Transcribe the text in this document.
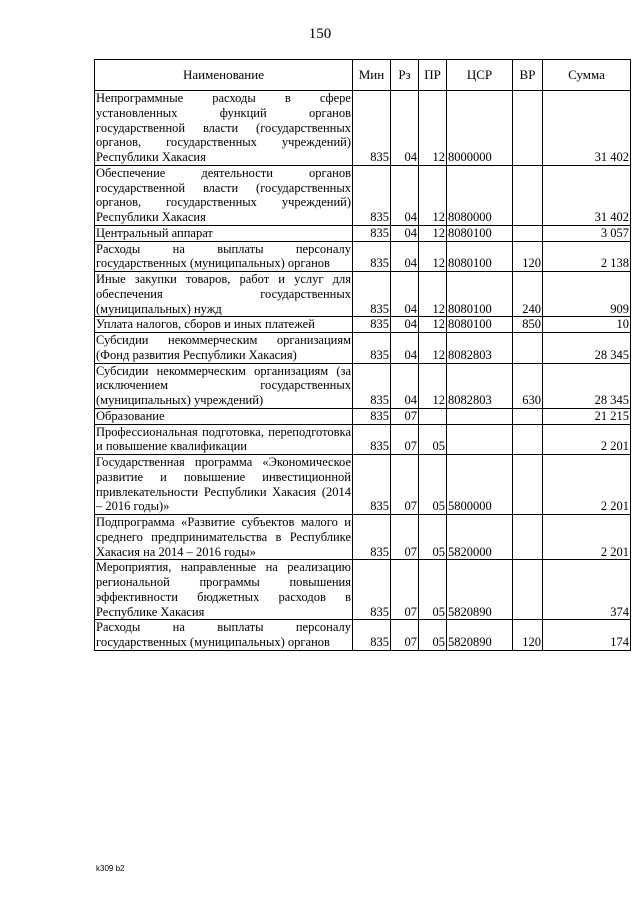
150
Наименование	Мин	Рз	ПР	ЦСР	ВР	Сумма
Непрограммные расходы в сфере установленных функций органов государственной власти (государственных органов, государственных учреждений) Республики Хакасия	835	04	12	8000000		31 402
Обеспечение деятельности органов государственной власти (государственных органов, государственных учреждений) Республики Хакасия	835	04	12	8080000		31 402
Центральный аппарат	835	04	12	8080100		3 057
Расходы на выплаты персоналу государственных (муниципальных) органов	835	04	12	8080100	120	2 138
Иные закупки товаров, работ и услуг для обеспечения государственных (муниципальных) нужд	835	04	12	8080100	240	909
Уплата налогов, сборов и иных платежей	835	04	12	8080100	850	10
Субсидии некоммерческим организациям (Фонд развития Республики Хакасия)	835	04	12	8082803		28 345
Субсидии некоммерческим организациям (за исключением государственных (муниципальных) учреждений)	835	04	12	8082803	630	28 345
Образование	835	07				21 215
Профессиональная подготовка, переподготовка и повышение квалификации	835	07	05			2 201
Государственная программа «Экономическое развитие и повышение инвестиционной привлекательности Республики Хакасия (2014 – 2016 годы)»	835	07	05	5800000		2 201
Подпрограмма «Развитие субъектов малого и среднего предпринимательства в Республике Хакасия на 2014 – 2016 годы»	835	07	05	5820000		2 201
Мероприятия, направленные на реализацию региональной программы повышения эффективности бюджетных расходов в Республике Хакасия	835	07	05	5820890		374
Расходы на выплаты персоналу государственных (муниципальных) органов	835	07	05	5820890	120	174
k309 b2
